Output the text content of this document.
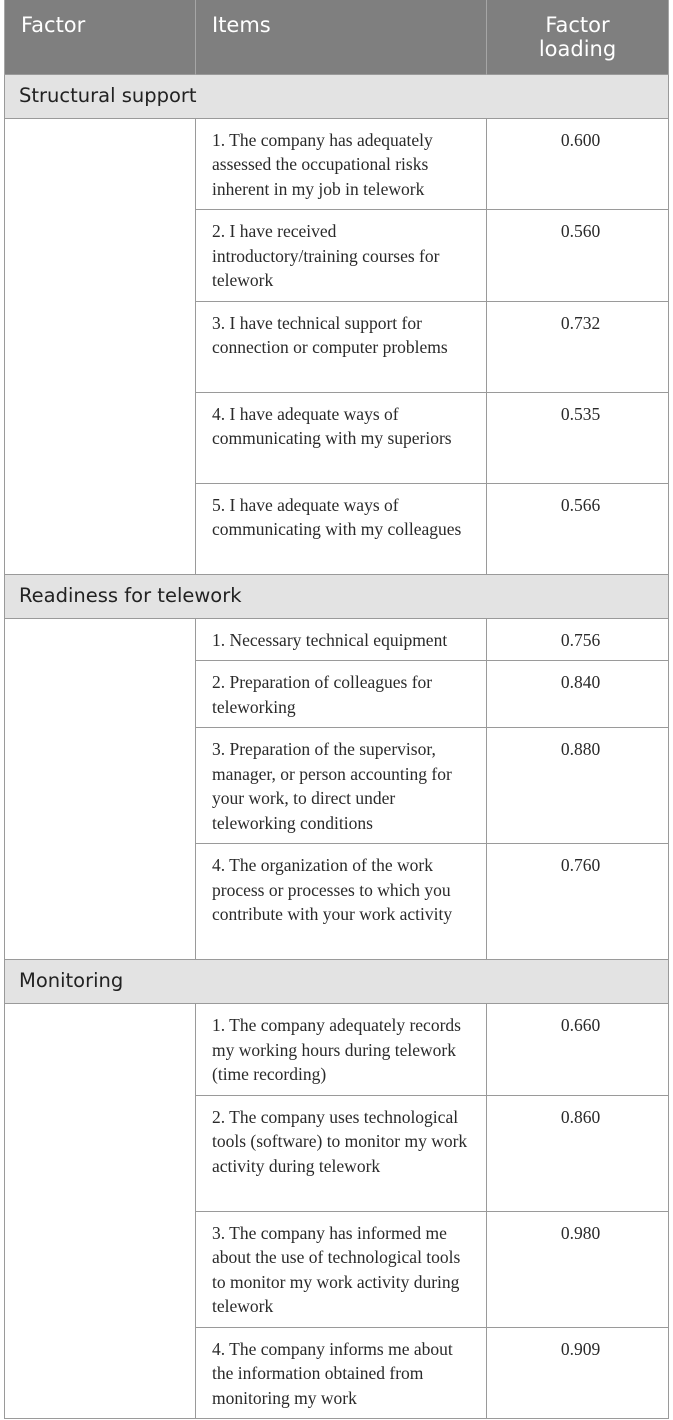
Factor	Items	Factor
loading
Structural support		
	1. The company has adequately assessed the occupational risks inherent in my job in telework	0.600
	2. I have received introductory/training courses for telework	0.560
	3. I have technical support for connection or computer problems	0.732
	4. I have adequate ways of communicating with my superiors	0.535
	5. I have adequate ways of communicating with my colleagues	0.566
Readiness for telework		
	1. Necessary technical equipment	0.756
	2. Preparation of colleagues for teleworking	0.840
	3. Preparation of the supervisor, manager, or person accounting for your work, to direct under teleworking conditions	0.880
	4. The organization of the work process or processes to which you contribute with your work activity	0.760
Monitoring		
	1. The company adequately records my working hours during telework (time recording)	0.660
	2. The company uses technological tools (software) to monitor my work activity during telework	0.860
	3. The company has informed me about the use of technological tools to monitor my work activity during telework	0.980
	4. The company informs me about the information obtained from monitoring my work	0.909
